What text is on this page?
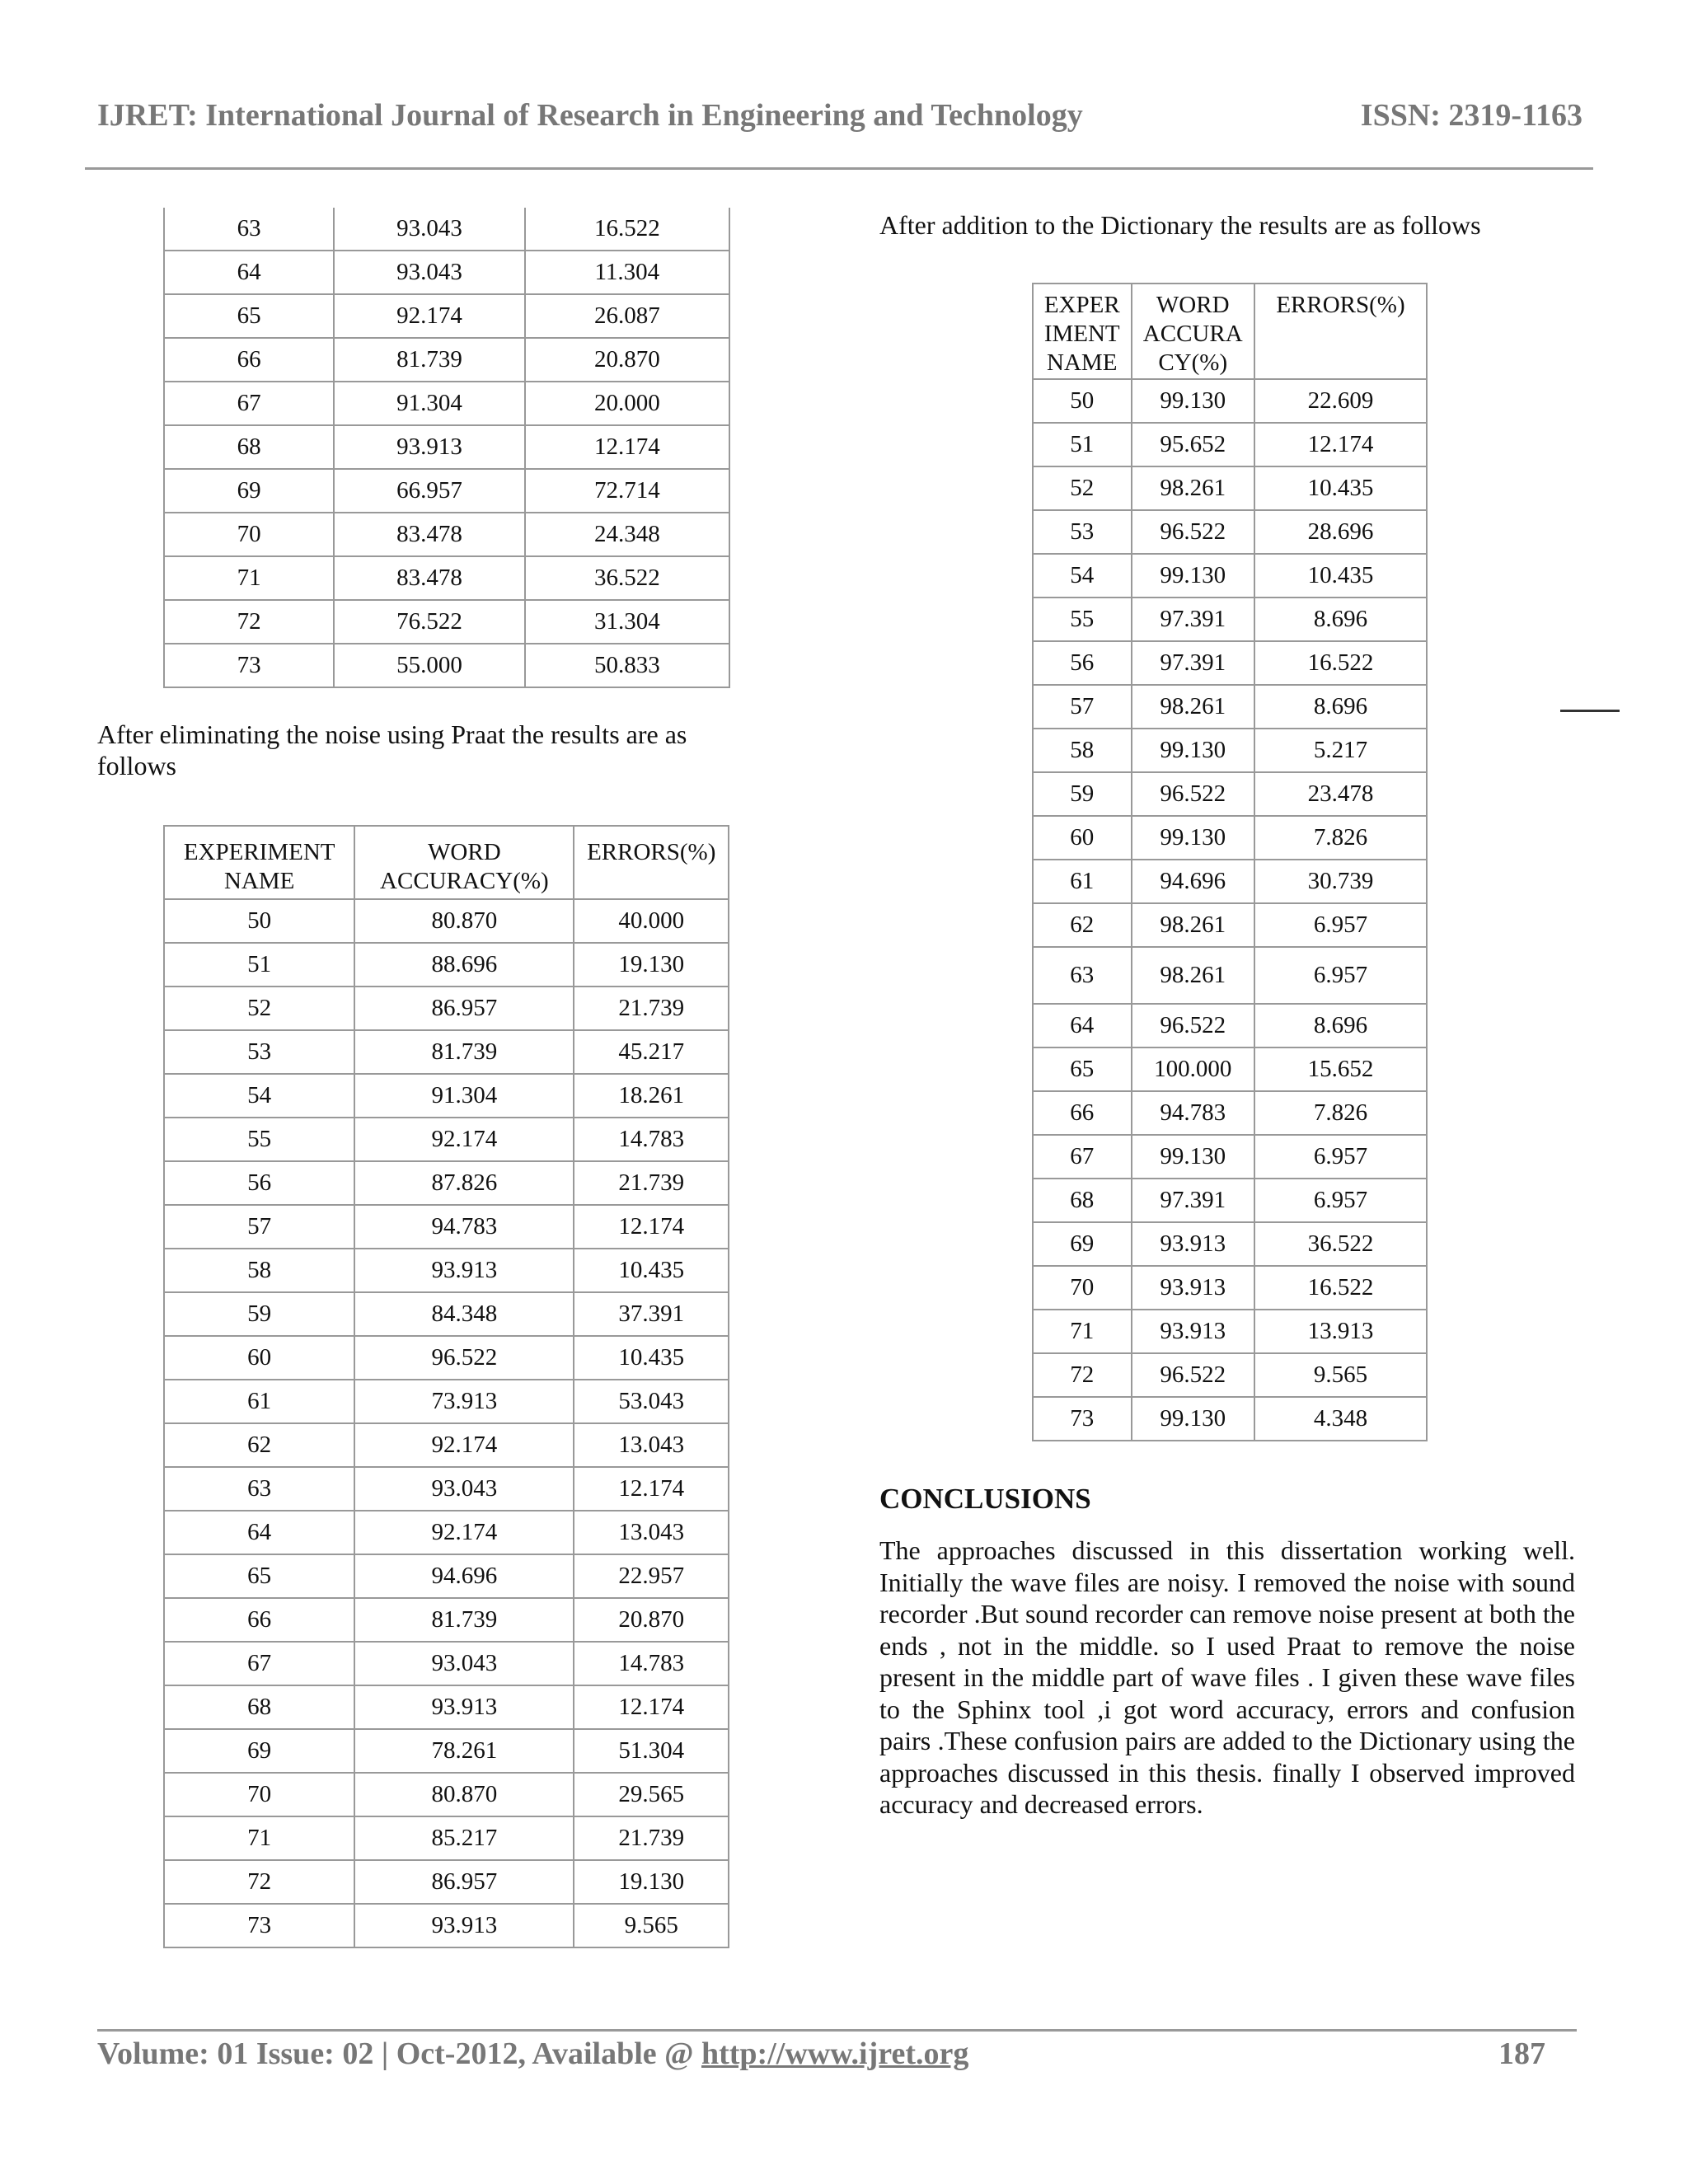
IJRET: International Journal of Research in Engineering and Technology	ISSN: 2319-1163
63	93.043	16.522
64	93.043	11.304
65	92.174	26.087
66	81.739	20.870
67	91.304	20.000
68	93.913	12.174
69	66.957	72.714
70	83.478	24.348
71	83.478	36.522
72	76.522	31.304
73	55.000	50.833
After eliminating the noise using Praat the results are as follows
EXPERIMENT NAME	WORD ACCURACY(%)	ERRORS(%)
50	80.870	40.000
51	88.696	19.130
52	86.957	21.739
53	81.739	45.217
54	91.304	18.261
55	92.174	14.783
56	87.826	21.739
57	94.783	12.174
58	93.913	10.435
59	84.348	37.391
60	96.522	10.435
61	73.913	53.043
62	92.174	13.043
63	93.043	12.174
64	92.174	13.043
65	94.696	22.957
66	81.739	20.870
67	93.043	14.783
68	93.913	12.174
69	78.261	51.304
70	80.870	29.565
71	85.217	21.739
72	86.957	19.130
73	93.913	9.565
After addition to the Dictionary the results are as follows
EXPER IMENT NAME	WORD ACCURA CY(%)	ERRORS(%)
50	99.130	22.609
51	95.652	12.174
52	98.261	10.435
53	96.522	28.696
54	99.130	10.435
55	97.391	8.696
56	97.391	16.522
57	98.261	8.696
58	99.130	5.217
59	96.522	23.478
60	99.130	7.826
61	94.696	30.739
62	98.261	6.957
63	98.261	6.957
64	96.522	8.696
65	100.000	15.652
66	94.783	7.826
67	99.130	6.957
68	97.391	6.957
69	93.913	36.522
70	93.913	16.522
71	93.913	13.913
72	96.522	9.565
73	99.130	4.348
CONCLUSIONS
The approaches discussed in this dissertation working well. Initially the wave files are noisy. I removed the noise with sound recorder .But sound recorder can remove noise present at both the ends , not in the middle. so I used Praat to remove the noise present in the middle part of wave files . I given these wave files to the Sphinx tool ,i got word accuracy, errors and confusion pairs .These confusion pairs are added to the Dictionary using the approaches discussed in this thesis. finally I observed improved accuracy and decreased errors.
Volume: 01 Issue: 02 | Oct-2012, Available @ http://www.ijret.org	187
